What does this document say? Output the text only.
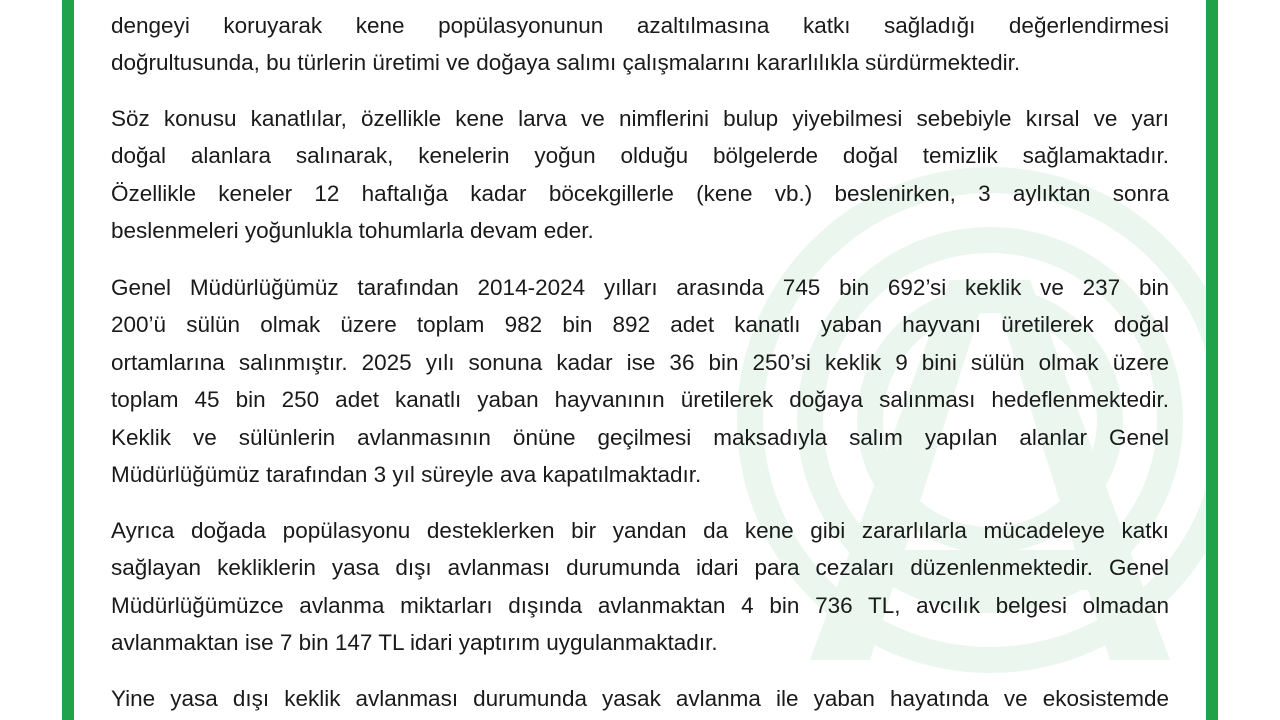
dengeyi koruyarak kene popülasyonunun azaltılmasına katkı sağladığı değerlendirmesi
doğrultusunda, bu türlerin üretimi ve doğaya salımı çalışmalarını kararlılıkla sürdürmektedir.
Söz konusu kanatlılar, özellikle kene larva ve nimflerini bulup yiyebilmesi sebebiyle kırsal ve yarı
doğal alanlara salınarak, kenelerin yoğun olduğu bölgelerde doğal temizlik sağlamaktadır.
Özellikle keneler 12 haftalığa kadar böcekgillerle (kene vb.) beslenirken, 3 aylıktan sonra
beslenmeleri yoğunlukla tohumlarla devam eder.
Genel Müdürlüğümüz tarafından 2014-2024 yılları arasında 745 bin 692’si keklik ve 237 bin
200’ü sülün olmak üzere toplam 982 bin 892 adet kanatlı yaban hayvanı üretilerek doğal
ortamlarına salınmıştır. 2025 yılı sonuna kadar ise 36 bin 250’si keklik 9 bini sülün olmak üzere
toplam 45 bin 250 adet kanatlı yaban hayvanının üretilerek doğaya salınması hedeflenmektedir.
Keklik ve sülünlerin avlanmasının önüne geçilmesi maksadıyla salım yapılan alanlar Genel
Müdürlüğümüz tarafından 3 yıl süreyle ava kapatılmaktadır.
Ayrıca doğada popülasyonu desteklerken bir yandan da kene gibi zararlılarla mücadeleye katkı
sağlayan kekliklerin yasa dışı avlanması durumunda idari para cezaları düzenlenmektedir. Genel
Müdürlüğümüzce avlanma miktarları dışında avlanmaktan 4 bin 736 TL, avcılık belgesi olmadan
avlanmaktan ise 7 bin 147 TL idari yaptırım uygulanmaktadır.
Yine yasa dışı keklik avlanması durumunda yasak avlanma ile yaban hayatında ve ekosistemde
